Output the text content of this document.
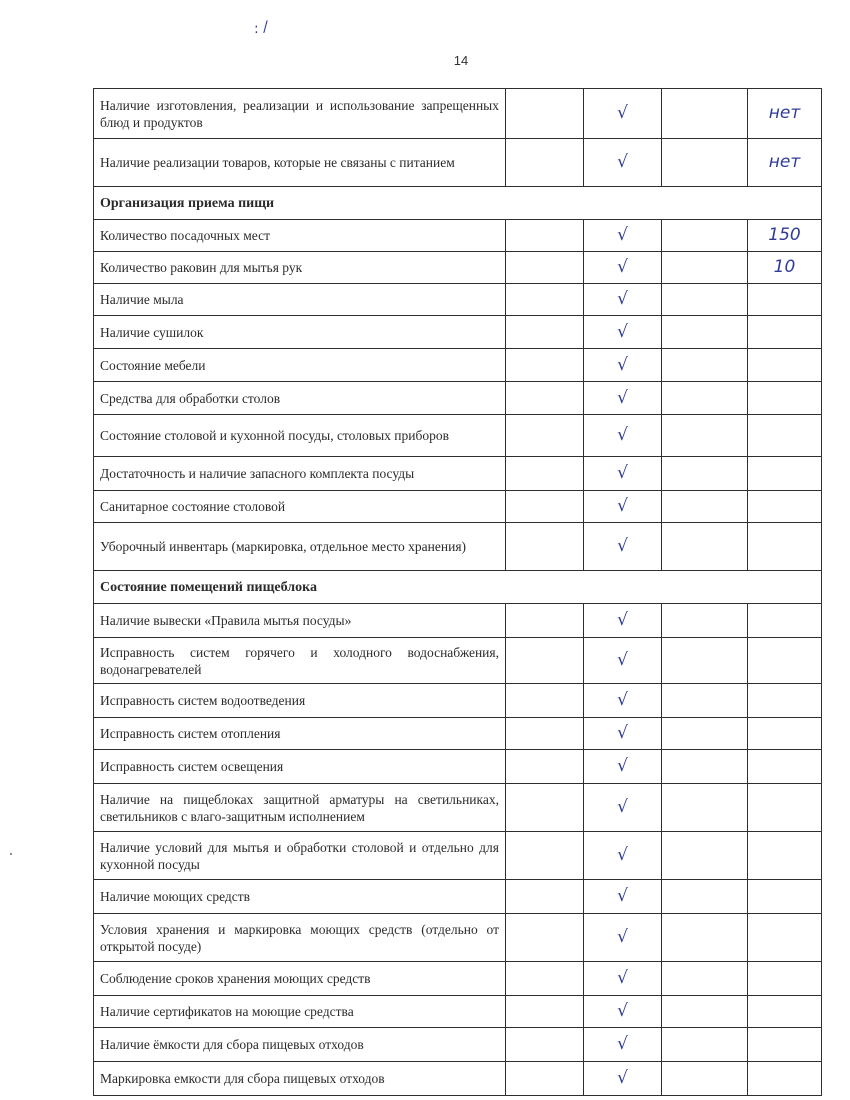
: /
14
Наличие изготовления, реализации и использование запрещенных блюд и продуктов		√		нет
Наличие реализации товаров, которые не связаны с питанием		√		нет
Организация приема пищи				
Количество посадочных мест		√		150
Количество раковин для мытья рук		√		10
Наличие мыла		√		
Наличие сушилок		√		
Состояние мебели		√		
Средства для обработки столов		√		
Состояние столовой и кухонной посуды, столовых приборов		√		
Достаточность и наличие запасного комплекта посуды		√		
Санитарное состояние столовой		√		
Уборочный инвентарь (маркировка, отдельное место хранения)		√		
Состояние помещений пищеблока				
Наличие вывески «Правила мытья посуды»		√		
Исправность систем горячего и холодного водоснабжения, водонагревателей		√		
Исправность систем водоотведения		√		
Исправность систем отопления		√		
Исправность систем освещения		√		
Наличие на пищеблоках защитной арматуры на светильниках, светильников с влаго-защитным исполнением		√		
Наличие условий для мытья и обработки столовой и отдельно для кухонной посуды		√		
Наличие моющих средств		√		
Условия хранения и маркировка моющих средств (отдельно от открытой посуде)		√		
Соблюдение сроков хранения моющих средств		√		
Наличие сертификатов на моющие средства		√		
Наличие ёмкости для сбора пищевых отходов		√		
Маркировка емкости для сбора пищевых отходов		√		
